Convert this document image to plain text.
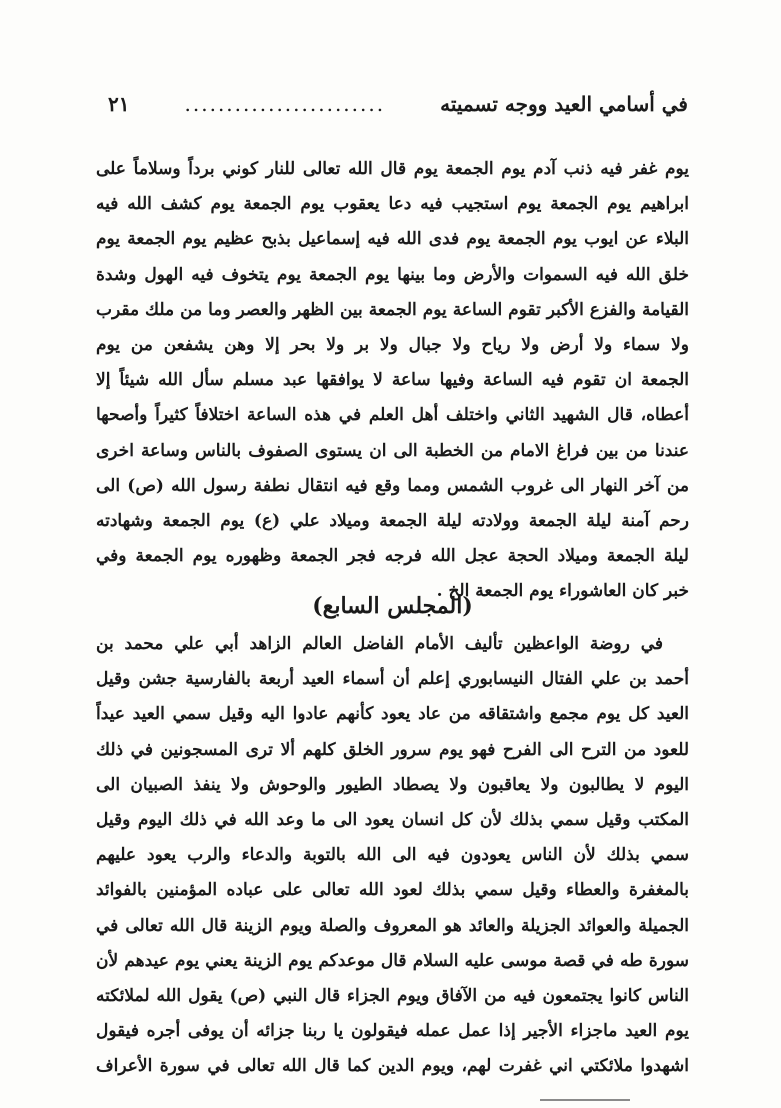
في أسامي العيد ووجه تسميته
........................
٢١
يوم غفر فيه ذنب آدم يوم الجمعة يوم قال الله تعالى للنار كوني برداً وسلاماً على
ابراهيم يوم الجمعة يوم استجيب فيه دعا يعقوب يوم الجمعة يوم كشف الله فيه
البلاء عن ايوب يوم الجمعة يوم فدى الله فيه إسماعيل بذبح عظيم يوم الجمعة يوم
خلق الله فيه السموات والأرض وما بينها يوم الجمعة يوم يتخوف فيه الهول وشدة
القيامة والفزع الأكبر تقوم الساعة يوم الجمعة بين الظهر والعصر وما من ملك مقرب
ولا سماء ولا أرض ولا رياح ولا جبال ولا بر ولا بحر إلا وهن يشفعن من يوم
الجمعة ان تقوم فيه الساعة وفيها ساعة لا يوافقها عبد مسلم سأل الله شيئاً إلا
أعطاه، قال الشهيد الثاني واختلف أهل العلم في هذه الساعة اختلافاً كثيراً وأصحها
عندنا من بين فراغ الامام من الخطبة الى ان يستوى الصفوف بالناس وساعة اخرى
من آخر النهار الى غروب الشمس ومما وقع فيه انتقال نطفة رسول الله (ص) الى
رحم آمنة ليلة الجمعة وولادته ليلة الجمعة وميلاد علي (ع) يوم الجمعة وشهادته
ليلة الجمعة وميلاد الحجة عجل الله فرجه فجر الجمعة وظهوره يوم الجمعة وفي
خبر كان العاشوراء يوم الجمعة الخ .
(المجلس السابع)
في روضة الواعظين تأليف الأمام الفاضل العالم الزاهد أبي علي محمد بن
أحمد بن علي الفتال النيسابوري إعلم أن أسماء العيد أربعة بالفارسية جشن وقيل
العيد كل يوم مجمع واشتقاقه من عاد يعود كأنهم عادوا اليه وقيل سمي العيد عيداً
للعود من الترح الى الفرح فهو يوم سرور الخلق كلهم ألا ترى المسجونين في ذلك
اليوم لا يطالبون ولا يعاقبون ولا يصطاد الطيور والوحوش ولا ينفذ الصبيان الى
المكتب وقيل سمي بذلك لأن كل انسان يعود الى ما وعد الله في ذلك اليوم وقيل
سمي بذلك لأن الناس يعودون فيه الى الله بالتوبة والدعاء والرب يعود عليهم
بالمغفرة والعطاء وقيل سمي بذلك لعود الله تعالى على عباده المؤمنين بالفوائد
الجميلة والعوائد الجزيلة والعائد هو المعروف والصلة ويوم الزينة قال الله تعالى في
سورة طه في قصة موسى عليه السلام قال موعدكم يوم الزينة يعني يوم عيدهم لأن
الناس كانوا يجتمعون فيه من الآفاق ويوم الجزاء قال النبي (ص) يقول الله لملائكته
يوم العيد ماجزاء الأجير إذا عمل عمله فيقولون يا ربنا جزائه أن يوفى أجره فيقول
اشهدوا ملائكتي اني غفرت لهم، ويوم الدين كما قال الله تعالى في سورة الأعراف
